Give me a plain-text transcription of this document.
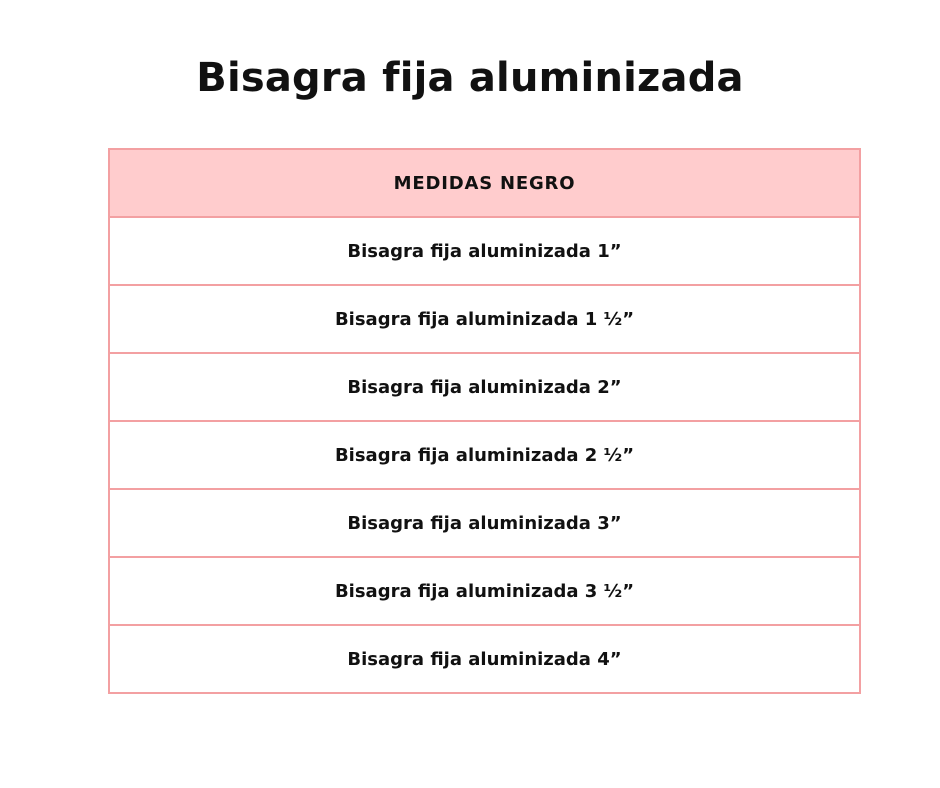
Bisagra fija aluminizada
MEDIDAS NEGRO
Bisagra fija aluminizada 1”
Bisagra fija aluminizada 1 ½”
Bisagra fija aluminizada 2”
Bisagra fija aluminizada 2 ½”
Bisagra fija aluminizada 3”
Bisagra fija aluminizada 3 ½”
Bisagra fija aluminizada 4”
